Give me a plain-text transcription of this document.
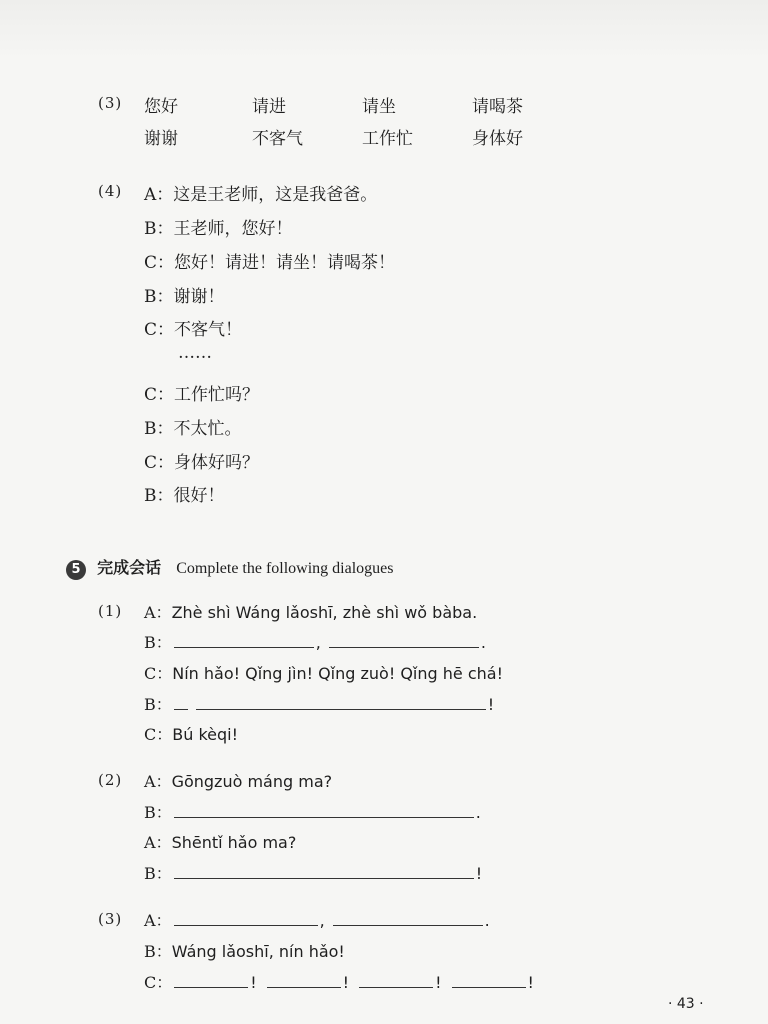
(3) 您好	请进	请坐	请喝茶
谢谢	不客气	工作忙	身体好
(4) A：这是王老师，这是我爸爸。
B：王老师，您好！
C：您好！请进！请坐！请喝茶！
B：谢谢！
C：不客气！
……
C：工作忙吗？
B：不太忙。
C：身体好吗？
B：很好！
5 完成会话 Complete the following dialogues
(1) A：Zhè shì Wáng lǎoshī, zhè shì wǒ bàba.
B：	,	.
C：Nín hǎo! Qǐng jìn! Qǐng zuò! Qǐng hē chá!
B：	!
C：Bú kèqi!
(2) A：Gōngzuò máng ma?
B：	.
A：Shēntǐ hǎo ma?
B：	!
(3) A：	,	.
B：Wáng lǎoshī, nín hǎo!
C：	!	!	!	!
· 43 ·
